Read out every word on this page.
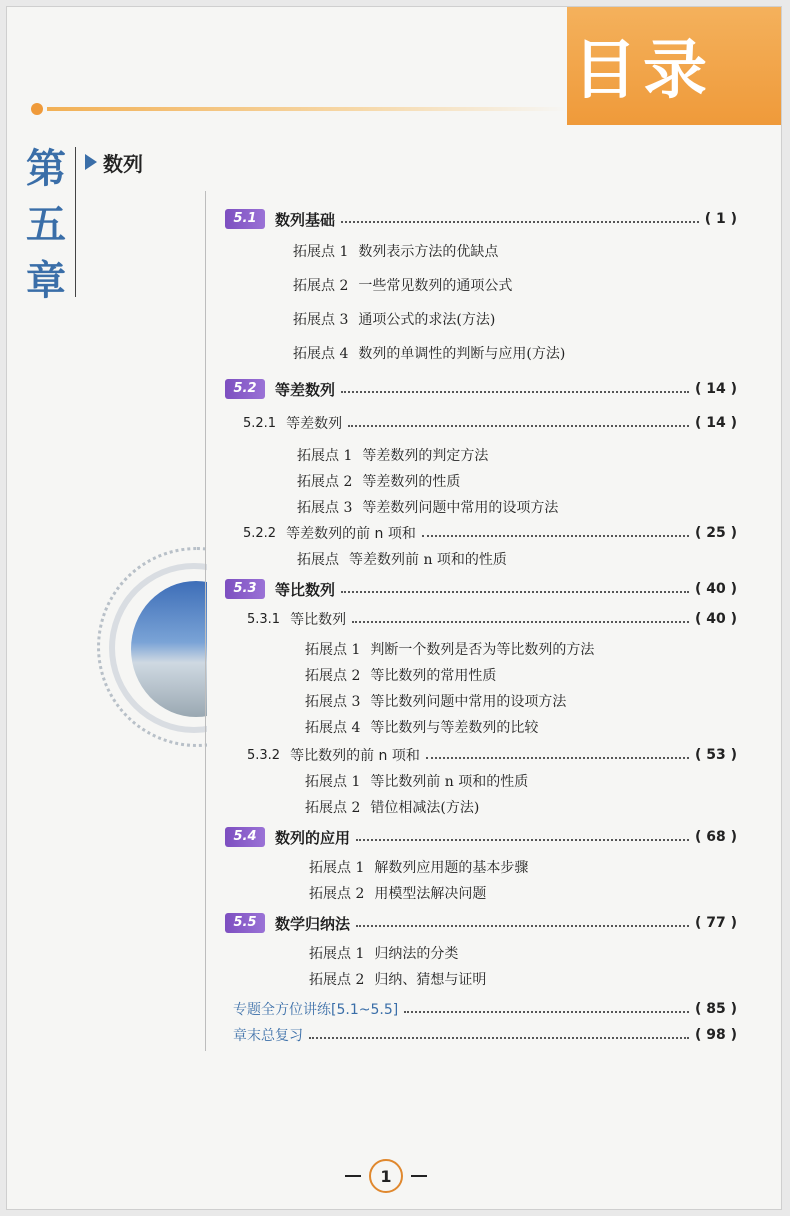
目录
第
五
章
数列
5.1	数列基础	( 1 )
拓展点 1 数列表示方法的优缺点
拓展点 2 一些常见数列的通项公式
拓展点 3 通项公式的求法(方法)
拓展点 4 数列的单调性的判断与应用(方法)
5.2	等差数列	( 14 )
5.2.1 等差数列	( 14 )
拓展点 1 等差数列的判定方法
拓展点 2 等差数列的性质
拓展点 3 等差数列问题中常用的设项方法
5.2.2 等差数列的前 n 项和	( 25 )
拓展点 等差数列前 n 项和的性质
5.3	等比数列	( 40 )
5.3.1 等比数列	( 40 )
拓展点 1 判断一个数列是否为等比数列的方法
拓展点 2 等比数列的常用性质
拓展点 3 等比数列问题中常用的设项方法
拓展点 4 等比数列与等差数列的比较
5.3.2 等比数列的前 n 项和	( 53 )
拓展点 1 等比数列前 n 项和的性质
拓展点 2 错位相减法(方法)
5.4	数列的应用	( 68 )
拓展点 1 解数列应用题的基本步骤
拓展点 2 用模型法解决问题
5.5	数学归纳法	( 77 )
拓展点 1 归纳法的分类
拓展点 2 归纳、猜想与证明
专题全方位讲练[5.1~5.5]	( 85 )
章末总复习	( 98 )
1
